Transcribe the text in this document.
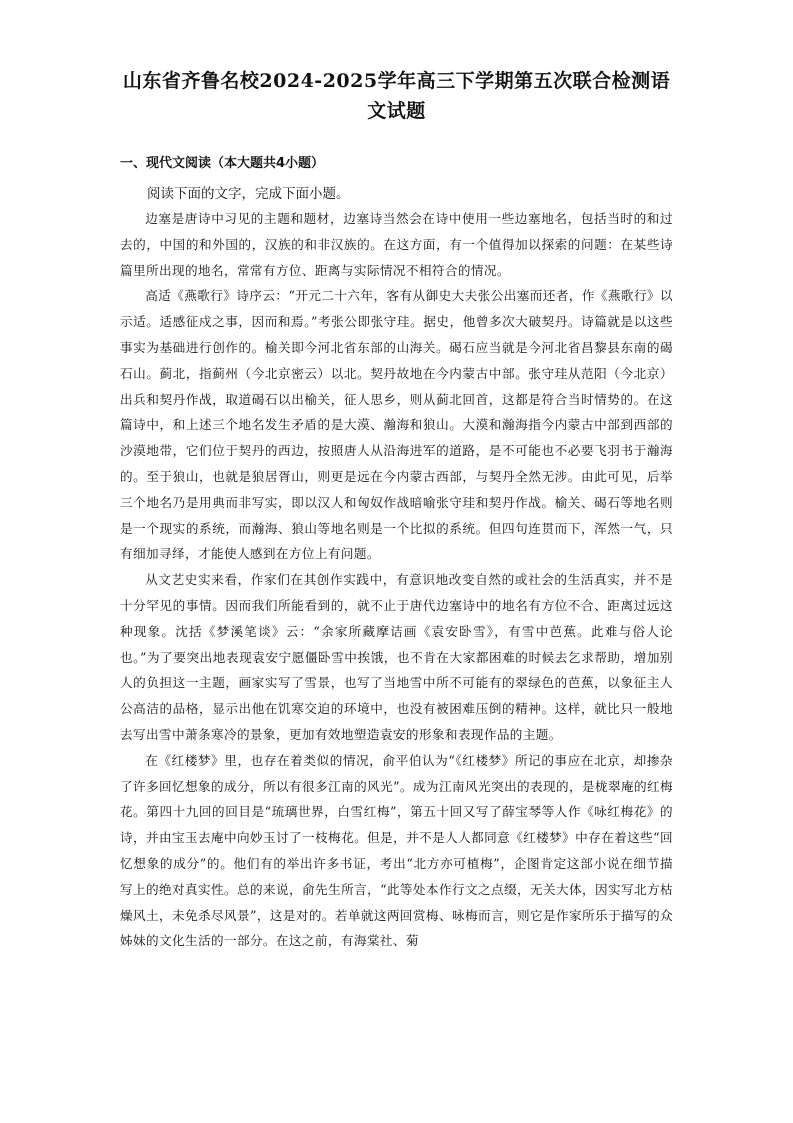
山东省齐鲁名校2024-2025学年高三下学期第五次联合检测语文试题
一、现代文阅读（本大题共4小题）

阅读下面的文字，完成下面小题。

边塞是唐诗中习见的主题和题材，边塞诗当然会在诗中使用一些边塞地名，包括当时的和过去的，中国的和外国的，汉族的和非汉族的。在这方面，有一个值得加以探索的问题：在某些诗篇里所出现的地名，常常有方位、距离与实际情况不相符合的情况。

高适《燕歌行》诗序云：“开元二十六年，客有从御史大夫张公出塞而还者，作《燕歌行》以示适。适感征戍之事，因而和焉。”考张公即张守珪。据史，他曾多次大破契丹。诗篇就是以这些事实为基础进行创作的。榆关即今河北省东部的山海关。碣石应当就是今河北省昌黎县东南的碣石山。蓟北，指蓟州（今北京密云）以北。契丹故地在今内蒙古中部。张守珪从范阳（今北京）出兵和契丹作战，取道碣石以出榆关，征人思乡，则从蓟北回首，这都是符合当时情势的。在这篇诗中，和上述三个地名发生矛盾的是大漠、瀚海和狼山。大漠和瀚海指今内蒙古中部到西部的沙漠地带，它们位于契丹的西边，按照唐人从沿海进军的道路，是不可能也不必要飞羽书于瀚海的。至于狼山，也就是狼居胥山，则更是远在今内蒙古西部，与契丹全然无涉。由此可见，后举三个地名乃是用典而非写实，即以汉人和匈奴作战暗喻张守珪和契丹作战。榆关、碣石等地名则是一个现实的系统，而瀚海、狼山等地名则是一个比拟的系统。但四句连贯而下，浑然一气，只有细加寻绎，才能使人感到在方位上有问题。

从文艺史实来看，作家们在其创作实践中，有意识地改变自然的或社会的生活真实，并不是十分罕见的事情。因而我们所能看到的，就不止于唐代边塞诗中的地名有方位不合、距离过远这种现象。沈括《梦溪笔谈》云：“余家所藏摩诘画《袁安卧雪》，有雪中芭蕉。此难与俗人论也。”为了要突出地表现袁安宁愿僵卧雪中挨饿，也不肯在大家都困难的时候去乞求帮助，增加别人的负担这一主题，画家实写了雪景，也写了当地雪中所不可能有的翠绿色的芭蕉，以象征主人公高洁的品格，显示出他在饥寒交迫的环境中，也没有被困难压倒的精神。这样，就比只一般地去写出雪中萧条寒冷的景象，更加有效地塑造袁安的形象和表现作品的主题。

在《红楼梦》里，也存在着类似的情况，俞平伯认为“《红楼梦》所记的事应在北京，却掺杂了许多回忆想象的成分，所以有很多江南的风光”。成为江南风光突出的表现的，是栊翠庵的红梅花。第四十九回的回目是“琉璃世界，白雪红梅”，第五十回又写了薛宝琴等人作《咏红梅花》的诗，并由宝玉去庵中向妙玉讨了一枝梅花。但是，并不是人人都同意《红楼梦》中存在着这些“回忆想象的成分”的。他们有的举出许多书证，考出“北方亦可植梅”，企图肯定这部小说在细节描写上的绝对真实性。总的来说，俞先生所言，“此等处本作行文之点缀，无关大体，因实写北方枯燥风土，未免杀尽风景”，这是对的。若单就这两回赏梅、咏梅而言，则它是作家所乐于描写的众姊妹的文化生活的一部分。在这之前，有海棠社、菊
